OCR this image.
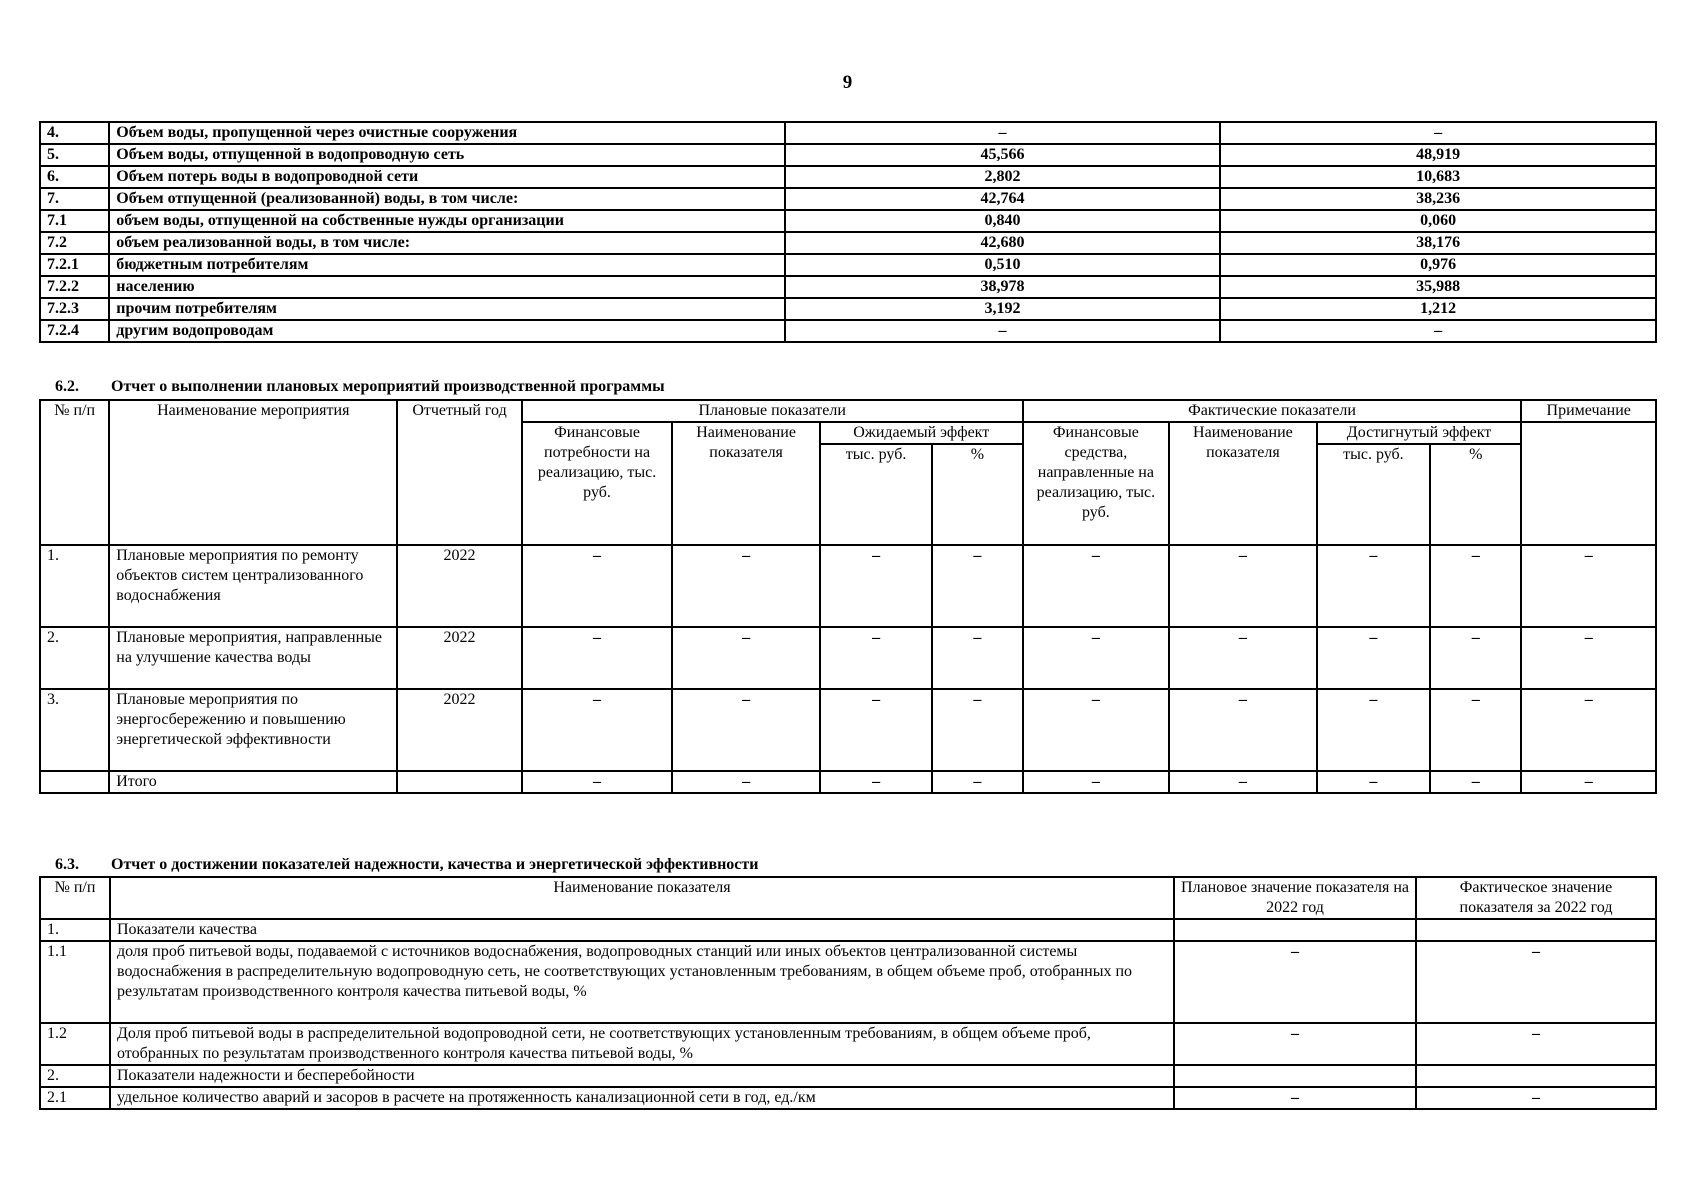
9
4.	Объем воды, пропущенной через очистные сооружения	–	–
5.	Объем воды, отпущенной в водопроводную сеть	45,566	48,919
6.	Объем потерь воды в водопроводной сети	2,802	10,683
7.	Объем отпущенной (реализованной) воды, в том числе:	42,764	38,236
7.1	объем воды, отпущенной на собственные нужды организации	0,840	0,060
7.2	объем реализованной воды, в том числе:	42,680	38,176
7.2.1	бюджетным потребителям	0,510	0,976
7.2.2	населению	38,978	35,988
7.2.3	прочим потребителям	3,192	1,212
7.2.4	другим водопроводам	–	–
6.2. Отчет о выполнении плановых мероприятий производственной программы
№ п/п	Наименование мероприятия	Отчетный год	Плановые показатели				Фактические показатели				Примечание
			Финансовые потребности на реализацию, тыс. руб.	Наименование показателя	Ожидаемый эффект		Финансовые средства, направленные на реализацию, тыс. руб.	Наименование показателя	Достигнутый эффект		
					тыс. руб.	%			тыс. руб.	%	
1.	Плановые мероприятия по ремонту объектов систем централизованного водоснабжения	2022	–	–	–	–	–	–	–	–	–
2.	Плановые мероприятия, направленные на улучшение качества воды	2022	–	–	–	–	–	–	–	–	–
3.	Плановые мероприятия по энергосбережению и повышению энергетической эффективности	2022	–	–	–	–	–	–	–	–	–
	Итого		–	–	–	–	–	–	–	–	–
6.3. Отчет о достижении показателей надежности, качества и энергетической эффективности
№ п/п	Наименование показателя	Плановое значение показателя на 2022 год	Фактическое значение показателя за 2022 год
1.	Показатели качества		
1.1	доля проб питьевой воды, подаваемой с источников водоснабжения, водопроводных станций или иных объектов централизованной системы водоснабжения в распределительную водопроводную сеть, не соответствующих установленным требованиям, в общем объеме проб, отобранных по результатам производственного контроля качества питьевой воды, %	–	–
1.2	Доля проб питьевой воды в распределительной водопроводной сети, не соответствующих установленным требованиям, в общем объеме проб, отобранных по результатам производственного контроля качества питьевой воды, %	–	–
2.	Показатели надежности и бесперебойности		
2.1	удельное количество аварий и засоров в расчете на протяженность канализационной сети в год, ед./км	–	–
